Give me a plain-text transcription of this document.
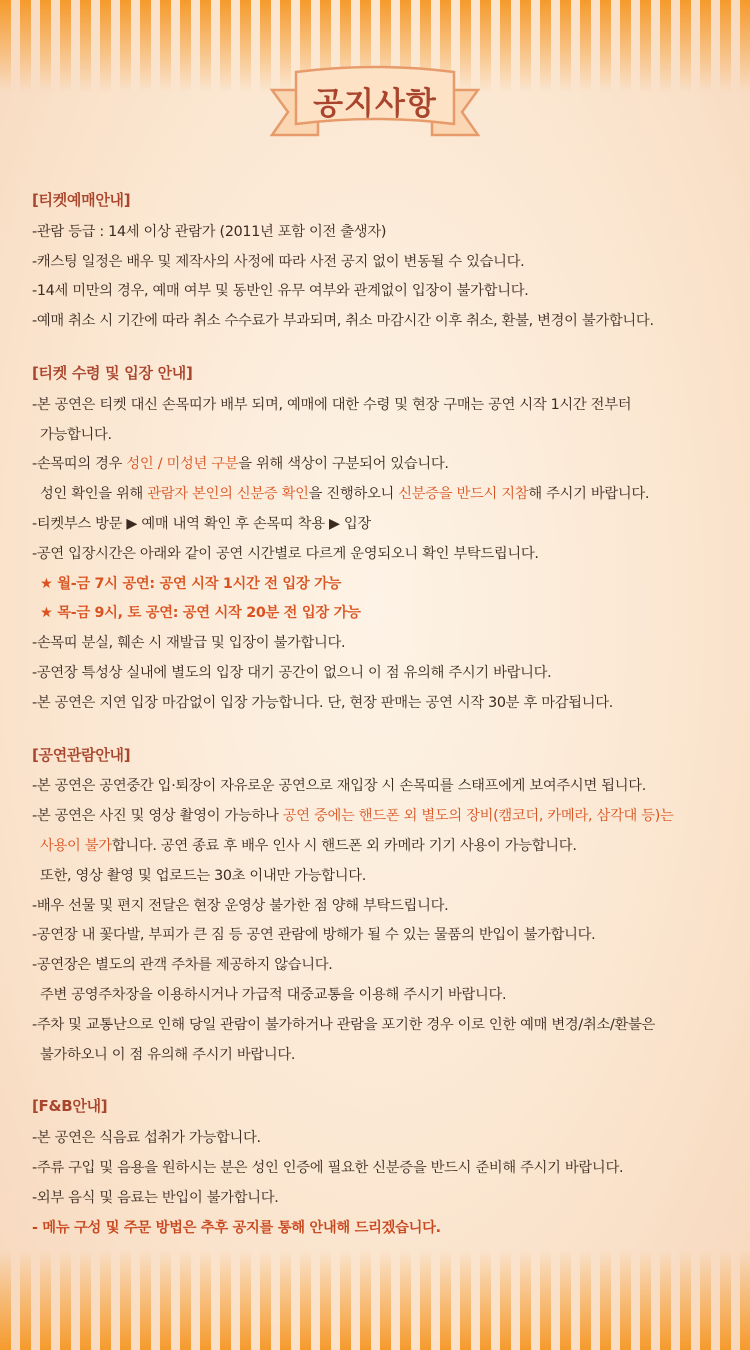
공지사항
[티켓예매안내]
-관람 등급 : 14세 이상 관람가 (2011년 포함 이전 출생자)
-캐스팅 일정은 배우 및 제작사의 사정에 따라 사전 공지 없이 변동될 수 있습니다.
-14세 미만의 경우, 예매 여부 및 동반인 유무 여부와 관계없이 입장이 불가합니다.
-예매 취소 시 기간에 따라 취소 수수료가 부과되며, 취소 마감시간 이후 취소, 환불, 변경이 불가합니다.
[티켓 수령 및 입장 안내]
-본 공연은 티켓 대신 손목띠가 배부 되며, 예매에 대한 수령 및 현장 구매는 공연 시작 1시간 전부터
가능합니다.
-손목띠의 경우 성인 / 미성년 구분을 위해 색상이 구분되어 있습니다.
성인 확인을 위해 관람자 본인의 신분증 확인을 진행하오니 신분증을 반드시 지참해 주시기 바랍니다.
-티켓부스 방문 ▶ 예매 내역 확인 후 손목띠 착용 ▶ 입장
-공연 입장시간은 아래와 같이 공연 시간별로 다르게 운영되오니 확인 부탁드립니다.
★ 월-금 7시 공연: 공연 시작 1시간 전 입장 가능
★ 목-금 9시, 토 공연: 공연 시작 20분 전 입장 가능
-손목띠 분실, 훼손 시 재발급 및 입장이 불가합니다.
-공연장 특성상 실내에 별도의 입장 대기 공간이 없으니 이 점 유의해 주시기 바랍니다.
-본 공연은 지연 입장 마감없이 입장 가능합니다. 단, 현장 판매는 공연 시작 30분 후 마감됩니다.
[공연관람안내]
-본 공연은 공연중간 입·퇴장이 자유로운 공연으로 재입장 시 손목띠를 스태프에게 보여주시면 됩니다.
-본 공연은 사진 및 영상 촬영이 가능하나 공연 중에는 핸드폰 외 별도의 장비(캠코더, 카메라, 삼각대 등)는
사용이 불가합니다. 공연 종료 후 배우 인사 시 핸드폰 외 카메라 기기 사용이 가능합니다.
또한, 영상 촬영 및 업로드는 30초 이내만 가능합니다.
-배우 선물 및 편지 전달은 현장 운영상 불가한 점 양해 부탁드립니다.
-공연장 내 꽃다발, 부피가 큰 짐 등 공연 관람에 방해가 될 수 있는 물품의 반입이 불가합니다.
-공연장은 별도의 관객 주차를 제공하지 않습니다.
주변 공영주차장을 이용하시거나 가급적 대중교통을 이용해 주시기 바랍니다.
-주차 및 교통난으로 인해 당일 관람이 불가하거나 관람을 포기한 경우 이로 인한 예매 변경/취소/환불은
불가하오니 이 점 유의해 주시기 바랍니다.
[F&B안내]
-본 공연은 식음료 섭취가 가능합니다.
-주류 구입 및 음용을 원하시는 분은 성인 인증에 필요한 신분증을 반드시 준비해 주시기 바랍니다.
-외부 음식 및 음료는 반입이 불가합니다.
- 메뉴 구성 및 주문 방법은 추후 공지를 통해 안내해 드리겠습니다.
